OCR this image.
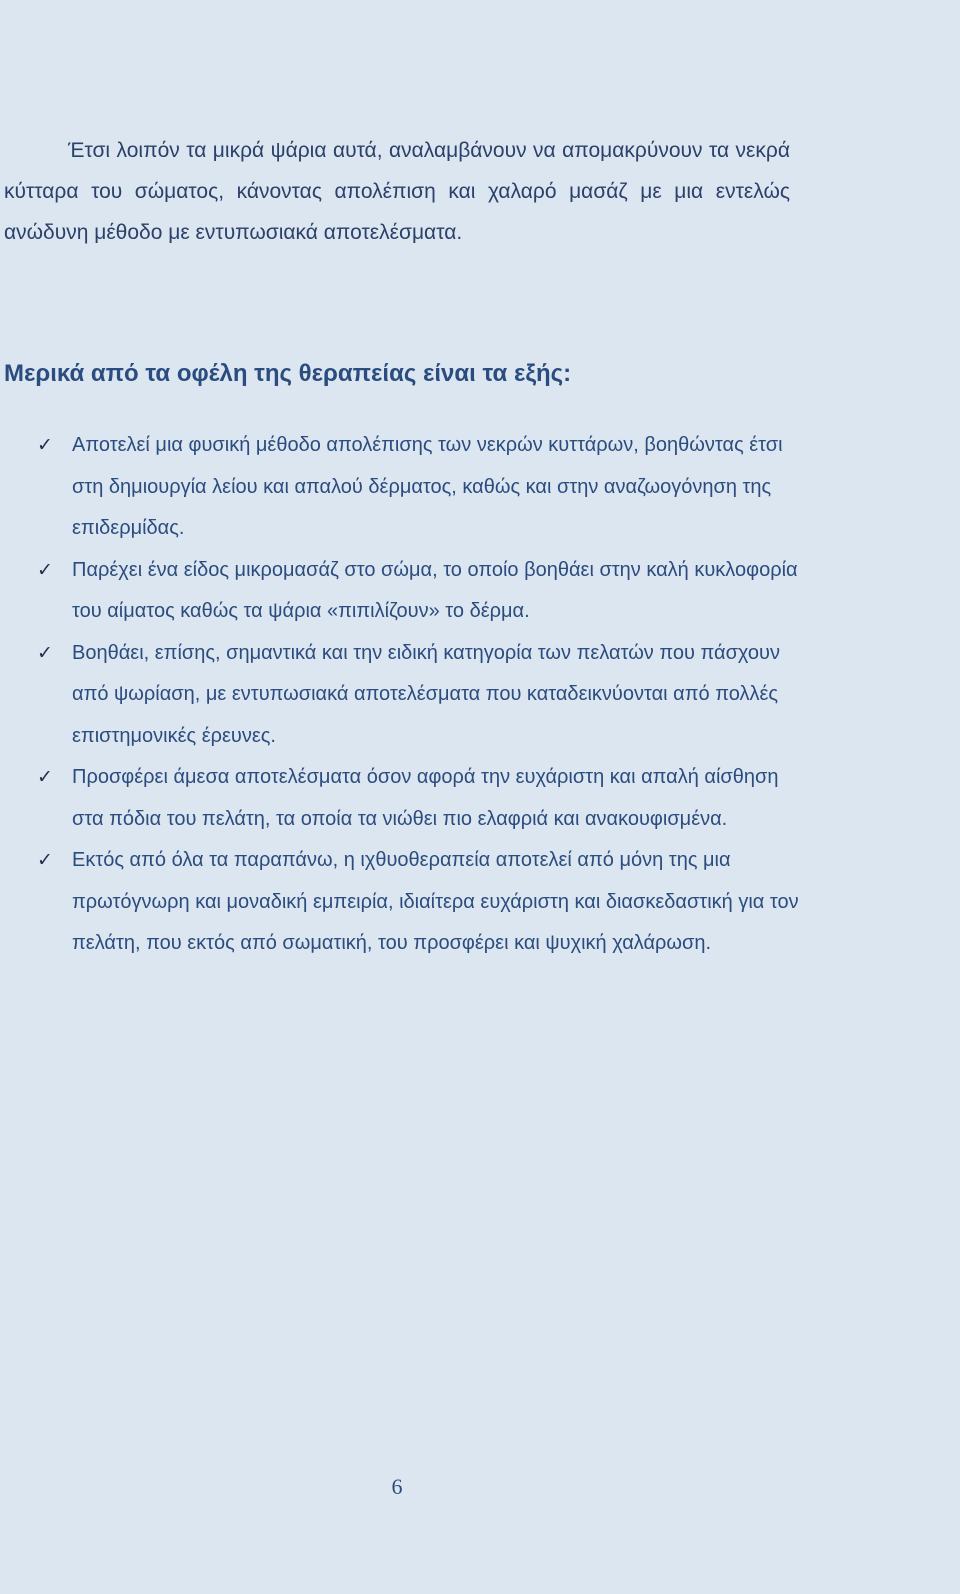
Έτσι λοιπόν τα μικρά ψάρια αυτά, αναλαμβάνουν να απομακρύνουν τα νεκρά κύτταρα του σώματος, κάνοντας απολέπιση και χαλαρό μασάζ με μια εντελώς ανώδυνη μέθοδο με εντυπωσιακά αποτελέσματα.

Μερικά από τα οφέλη της θεραπείας είναι τα εξής:
✓ Αποτελεί μια φυσική μέθοδο απολέπισης των νεκρών κυττάρων, βοηθώντας έτσι στη δημιουργία λείου και απαλού δέρματος, καθώς και στην αναζωογόνηση της επιδερμίδας.
✓ Παρέχει ένα είδος μικρομασάζ στο σώμα, το οποίο βοηθάει στην καλή κυκλοφορία του αίματος καθώς τα ψάρια «πιπιλίζουν» το δέρμα.
✓ Βοηθάει, επίσης, σημαντικά και την ειδική κατηγορία των πελατών που πάσχουν από ψωρίαση, με εντυπωσιακά αποτελέσματα που καταδεικνύονται από πολλές επιστημονικές έρευνες.
✓ Προσφέρει άμεσα αποτελέσματα όσον αφορά την ευχάριστη και απαλή αίσθηση στα πόδια του πελάτη, τα οποία τα νιώθει πιο ελαφριά και ανακουφισμένα.
✓ Εκτός από όλα τα παραπάνω, η ιχθυοθεραπεία αποτελεί από μόνη της μια πρωτόγνωρη και μοναδική εμπειρία, ιδιαίτερα ευχάριστη και διασκεδαστική για τον πελάτη, που εκτός από σωματική, του προσφέρει και ψυχική χαλάρωση.
6
